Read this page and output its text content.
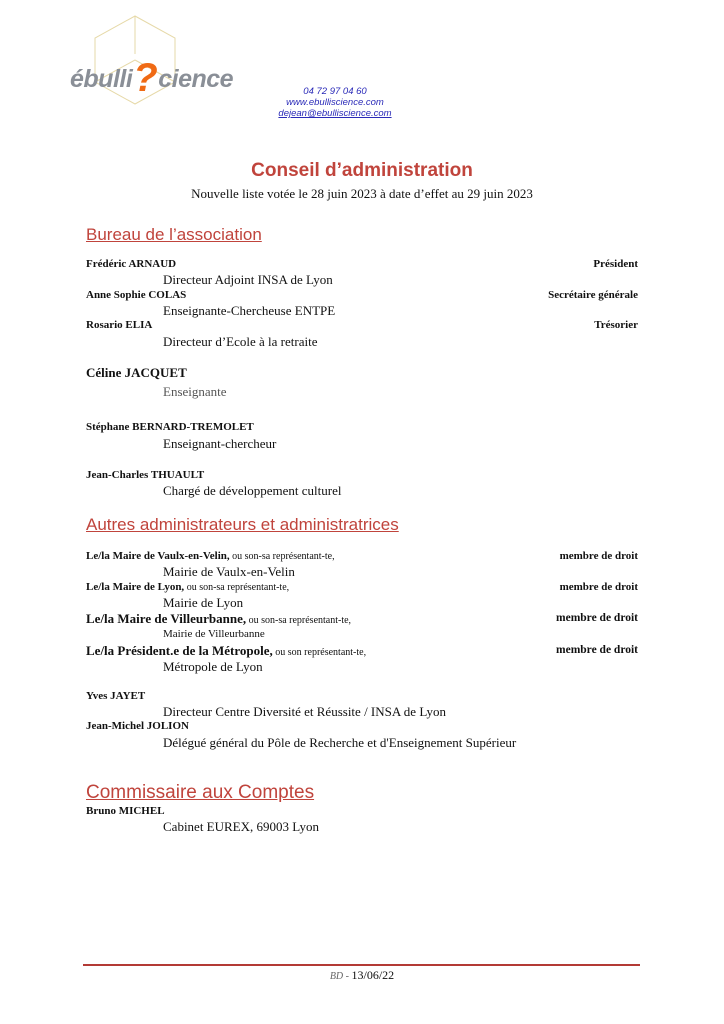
ébulli?cience	04 72 97 04 60
www.ebulliscience.com
dejean@ebulliscience.com
Conseil d’administration
Nouvelle liste votée le 28 juin 2023 à date d’effet au 29 juin 2023
Bureau de l’association
Frédéric ARNAUD	Président
Directeur Adjoint INSA de Lyon
Anne Sophie COLAS	Secrétaire générale
Enseignante-Chercheuse ENTPE
Rosario ELIA	Trésorier
Directeur d’Ecole à la retraite
Céline JACQUET
Enseignante
Stéphane BERNARD-TREMOLET
Enseignant-chercheur
Jean-Charles THUAULT
Chargé de développement culturel
Autres administrateurs et administratrices
Le/la Maire de Vaulx-en-Velin, ou son-sa représentant-te,	membre de droit
Mairie de Vaulx-en-Velin
Le/la Maire de Lyon, ou son-sa représentant-te,	membre de droit
Mairie de Lyon
Le/la Maire de Villeurbanne, ou son-sa représentant-te,	membre de droit
Mairie de Villeurbanne
Le/la Président.e de la Métropole, ou son représentant-te,	membre de droit
Métropole de Lyon
Yves JAYET
Directeur Centre Diversité et Réussite / INSA de Lyon
Jean-Michel JOLION
Délégué général du Pôle de Recherche et d'Enseignement Supérieur
Commissaire aux Comptes
Bruno MICHEL
Cabinet EUREX, 69003 Lyon
BD - 13/06/22
